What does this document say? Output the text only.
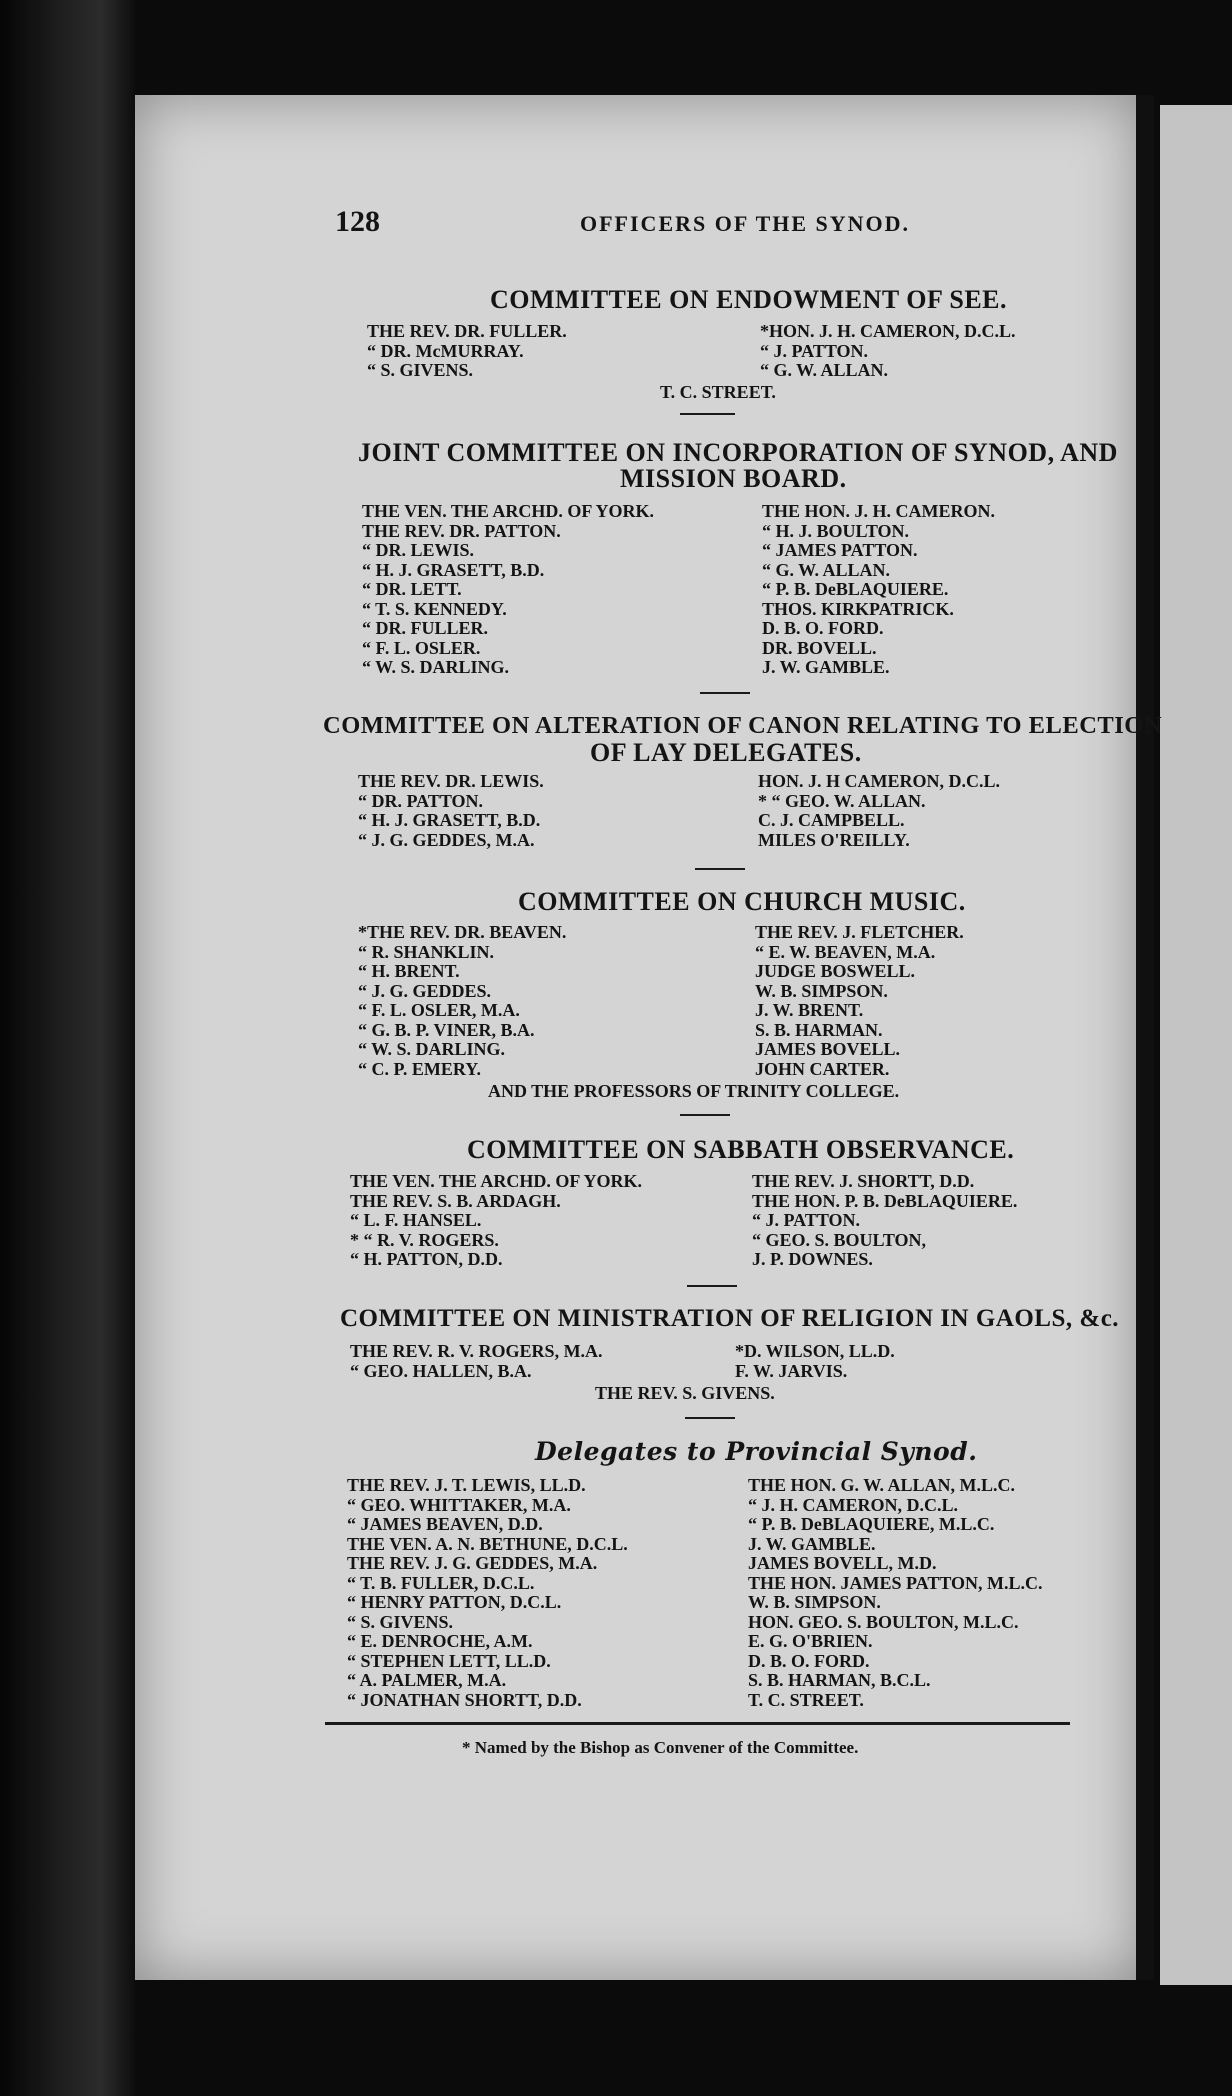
128	OFFICERS OF THE SYNOD.
COMMITTEE ON ENDOWMENT OF SEE.
THE REV. DR. FULLER.
“ DR. McMURRAY.
“ S. GIVENS.
*HON. J. H. CAMERON, D.C.L.
“ J. PATTON.
“ G. W. ALLAN.
T. C. STREET.
JOINT COMMITTEE ON INCORPORATION OF SYNOD, AND
MISSION BOARD.
THE VEN. THE ARCHD. OF YORK.
THE REV. DR. PATTON.
“ DR. LEWIS.
“ H. J. GRASETT, B.D.
“ DR. LETT.
“ T. S. KENNEDY.
“ DR. FULLER.
“ F. L. OSLER.
“ W. S. DARLING.
THE HON. J. H. CAMERON.
“ H. J. BOULTON.
“ JAMES PATTON.
“ G. W. ALLAN.
“ P. B. DeBLAQUIERE.
THOS. KIRKPATRICK.
D. B. O. FORD.
DR. BOVELL.
J. W. GAMBLE.
COMMITTEE ON ALTERATION OF CANON RELATING TO ELECTION
OF LAY DELEGATES.
THE REV. DR. LEWIS.
“ DR. PATTON.
“ H. J. GRASETT, B.D.
“ J. G. GEDDES, M.A.
HON. J. H CAMERON, D.C.L.
* “ GEO. W. ALLAN.
C. J. CAMPBELL.
MILES O'REILLY.
COMMITTEE ON CHURCH MUSIC.
*THE REV. DR. BEAVEN.
“ R. SHANKLIN.
“ H. BRENT.
“ J. G. GEDDES.
“ F. L. OSLER, M.A.
“ G. B. P. VINER, B.A.
“ W. S. DARLING.
“ C. P. EMERY.
THE REV. J. FLETCHER.
“ E. W. BEAVEN, M.A.
JUDGE BOSWELL.
W. B. SIMPSON.
J. W. BRENT.
S. B. HARMAN.
JAMES BOVELL.
JOHN CARTER.
AND THE PROFESSORS OF TRINITY COLLEGE.
COMMITTEE ON SABBATH OBSERVANCE.
THE VEN. THE ARCHD. OF YORK.
THE REV. S. B. ARDAGH.
“ L. F. HANSEL.
* “ R. V. ROGERS.
“ H. PATTON, D.D.
THE REV. J. SHORTT, D.D.
THE HON. P. B. DeBLAQUIERE.
“ J. PATTON.
“ GEO. S. BOULTON,
J. P. DOWNES.
COMMITTEE ON MINISTRATION OF RELIGION IN GAOLS, &c.
THE REV. R. V. ROGERS, M.A.
“ GEO. HALLEN, B.A.
*D. WILSON, LL.D.
F. W. JARVIS.
THE REV. S. GIVENS.
Delegates to Provincial Synod.
THE REV. J. T. LEWIS, LL.D.
“ GEO. WHITTAKER, M.A.
“ JAMES BEAVEN, D.D.
THE VEN. A. N. BETHUNE, D.C.L.
THE REV. J. G. GEDDES, M.A.
“ T. B. FULLER, D.C.L.
“ HENRY PATTON, D.C.L.
“ S. GIVENS.
“ E. DENROCHE, A.M.
“ STEPHEN LETT, LL.D.
“ A. PALMER, M.A.
“ JONATHAN SHORTT, D.D.
THE HON. G. W. ALLAN, M.L.C.
“ J. H. CAMERON, D.C.L.
“ P. B. DeBLAQUIERE, M.L.C.
J. W. GAMBLE.
JAMES BOVELL, M.D.
THE HON. JAMES PATTON, M.L.C.
W. B. SIMPSON.
HON. GEO. S. BOULTON, M.L.C.
E. G. O'BRIEN.
D. B. O. FORD.
S. B. HARMAN, B.C.L.
T. C. STREET.
* Named by the Bishop as Convener of the Committee.
